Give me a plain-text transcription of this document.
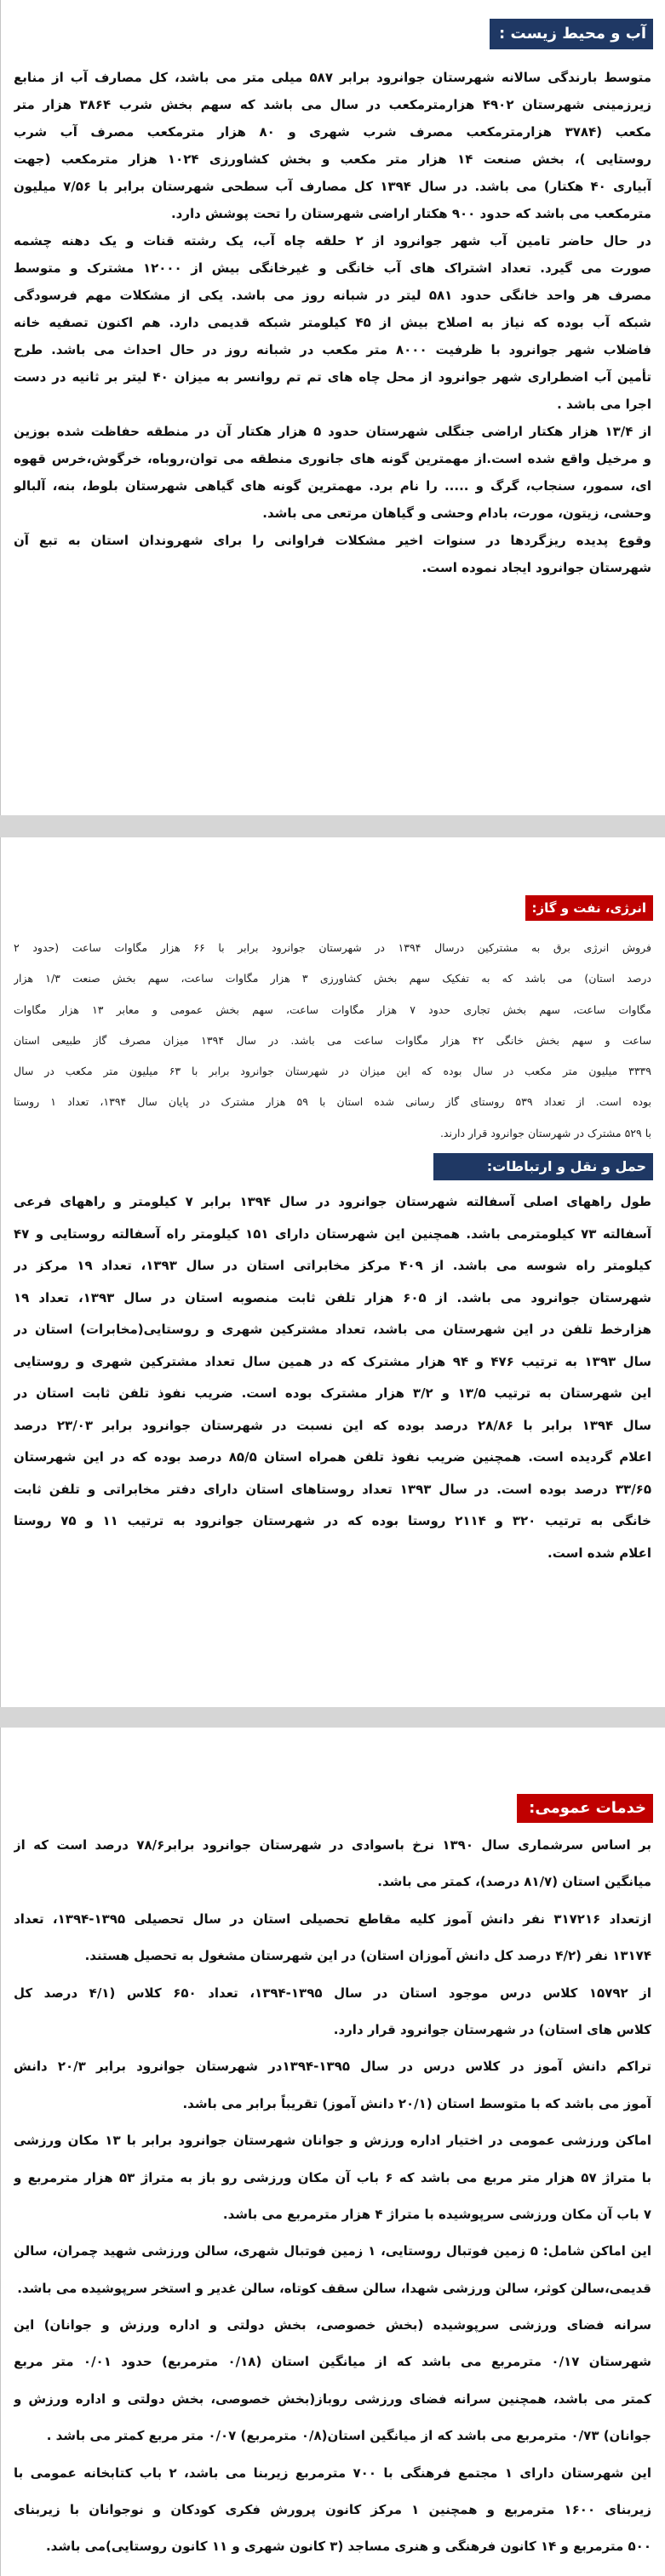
آب و محیط زیست :
متوسط بارندگی سالانه شهرستان جوانرود برابر ۵۸۷ میلی متر می باشد، کل مصارف آب از منابع
زیرزمینی شهرستان ۴۹۰۲ هزارمترمکعب در سال می باشد که سهم بخش شرب ۳۸۶۴ هزار متر
مکعب (۳۷۸۴ هزارمترمکعب مصرف شرب شهری و ۸۰ هزار مترمکعب مصرف آب شرب
روستایی )، بخش صنعت ۱۴ هزار متر مکعب و بخش کشاورزی ۱۰۲۴ هزار مترمکعب (جهت
آبیاری ۴۰ هکتار) می باشد. در سال ۱۳۹۴ کل مصارف آب سطحی شهرستان برابر با ۷/۵۶ میلیون
مترمکعب می باشد که حدود ۹۰۰ هکتار اراضی شهرستان را تحت پوشش دارد.
در حال حاضر تامین آب شهر جوانرود از ۲ حلقه چاه آب، یک رشته قنات و یک دهنه چشمه
صورت می گیرد. تعداد اشتراک های آب خانگی و غیرخانگی بیش از ۱۲۰۰۰ مشترک و متوسط
مصرف هر واحد خانگی حدود ۵۸۱ لیتر در شبانه روز می باشد. یکی از مشکلات مهم فرسودگی
شبکه آب بوده که نیاز به اصلاح بیش از ۴۵ کیلومتر شبکه قدیمی دارد. هم اکنون تصفیه خانه
فاضلاب شهر جوانرود با ظرفیت ۸۰۰۰ متر مکعب در شبانه روز در حال احداث می باشد. طرح
تأمین آب اضطراری شهر جوانرود از محل چاه های تم تم روانسر به میزان ۴۰ لیتر بر ثانیه در دست
اجرا می باشد .
از ۱۳/۴ هزار هکتار اراضی جنگلی شهرستان حدود ۵ هزار هکتار آن در منطقه حفاظت شده بوزین
و مرخیل واقع شده است.از مهمترین گونه های جانوری منطقه می توان،روباه، خرگوش،خرس قهوه
ای، سمور، سنجاب، گرگ و ..... را نام برد. مهمترین گونه های گیاهی شهرستان بلوط، بنه، آلبالو
وحشی، زیتون، مورت، بادام وحشی و گیاهان مرتعی می باشد.
وقوع پدیده ریزگردها در سنوات اخیر مشکلات فراوانی را برای شهروندان استان به تبع آن
شهرستان جوانرود ایجاد نموده است.
انرژی، نفت و گاز:
فروش انرژی برق به مشترکین درسال ۱۳۹۴ در شهرستان جوانرود برابر با ۶۶ هزار مگاوات ساعت (حدود ۲
درصد استان) می باشد که به تفکیک سهم بخش کشاورزی ۳ هزار مگاوات ساعت، سهم بخش صنعت ۱/۳ هزار
مگاوات ساعت، سهم بخش تجاری حدود ۷ هزار مگاوات ساعت، سهم بخش عمومی و معابر ۱۳ هزار مگاوات
ساعت و سهم بخش خانگی ۴۲ هزار مگاوات ساعت می باشد. در سال ۱۳۹۴ میزان مصرف گاز طبیعی استان
۳۳۳۹ میلیون متر مکعب در سال بوده که این میزان در شهرستان جوانرود برابر با ۶۳ میلیون متر مکعب در سال
بوده است. از تعداد ۵۳۹ روستای گاز رسانی شده استان با ۵۹ هزار مشترک در پایان سال ۱۳۹۴، تعداد ۱ روستا
با ۵۲۹ مشترک در شهرستان جوانرود قرار دارند.
حمل و نقل و ارتباطات:
طول راههای اصلی آسفالته شهرستان جوانرود در سال ۱۳۹۴ برابر ۷ کیلومتر و راههای فرعی
آسفالته ۷۳ کیلومترمی باشد. همچنین این شهرستان دارای ۱۵۱ کیلومتر راه آسفالته روستایی و ۴۷
کیلومتر راه شوسه می باشد. از ۴۰۹ مرکز مخابراتی استان در سال ۱۳۹۳، تعداد ۱۹ مرکز در
شهرستان جوانرود می باشد. از ۶۰۵ هزار تلفن ثابت منصوبه استان در سال ۱۳۹۳، تعداد ۱۹
هزارخط تلفن در این شهرستان می باشد، تعداد مشترکین شهری و روستایی(مخابرات) استان در
سال ۱۳۹۳ به ترتیب ۴۷۶ و ۹۴ هزار مشترک که در همین سال تعداد مشترکین شهری و روستایی
این شهرستان به ترتیب ۱۳/۵ و ۳/۲ هزار مشترک بوده است. ضریب نفوذ تلفن ثابت استان در
سال ۱۳۹۴ برابر با ۲۸/۸۶ درصد بوده که این نسبت در شهرستان جوانرود برابر ۲۳/۰۳ درصد
اعلام گردیده است. همچنین ضریب نفوذ تلفن همراه استان ۸۵/۵ درصد بوده که در این شهرستان
۳۳/۶۵ درصد بوده است. در سال ۱۳۹۳ تعداد روستاهای استان دارای دفتر مخابراتی و تلفن ثابت
خانگی به ترتیب ۳۲۰ و ۲۱۱۴ روستا بوده که در شهرستان جوانرود به ترتیب ۱۱ و ۷۵ روستا
اعلام شده است.
خدمات عمومی:
بر اساس سرشماری سال ۱۳۹۰ نرخ باسوادی در شهرستان جوانرود برابر۷۸/۶ درصد است که از
میانگین استان (۸۱/۷ درصد)، کمتر می باشد.
ازتعداد ۳۱۷۲۱۶ نفر دانش آموز کلیه مقاطع تحصیلی استان در سال تحصیلی ۱۳۹۵-۱۳۹۴، تعداد
۱۳۱۷۴ نفر (۴/۲ درصد کل دانش آموزان استان) در این شهرستان مشغول به تحصیل هستند.
از ۱۵۷۹۲ کلاس درس موجود استان در سال ۱۳۹۵-۱۳۹۴، تعداد ۶۵۰ کلاس (۴/۱ درصد کل
کلاس های استان) در شهرستان جوانرود قرار دارد.
تراکم دانش آموز در کلاس درس در سال ۱۳۹۵-۱۳۹۴در شهرستان جوانرود برابر ۲۰/۳ دانش
آموز می باشد که با متوسط استان (۲۰/۱ دانش آموز) تقریباً برابر می باشد.
اماکن ورزشی عمومی در اختیار اداره ورزش و جوانان شهرستان جوانرود برابر با ۱۳ مکان ورزشی
با متراژ ۵۷ هزار متر مربع می باشد که ۶ باب آن مکان ورزشی رو باز به متراژ ۵۳ هزار مترمربع و
۷ باب آن مکان ورزشی سرپوشیده با متراژ ۴ هزار مترمربع می باشد.
این اماکن شامل: ۵ زمین فوتبال روستایی، ۱ زمین فوتبال شهری، سالن ورزشی شهید چمران، سالن
قدیمی،سالن کوثر، سالن ورزشی شهدا، سالن سقف کوتاه، سالن غدیر و استخر سرپوشیده می باشد.
سرانه فضای ورزشی سرپوشیده (بخش خصوصی، بخش دولتی و اداره ورزش و جوانان) این
شهرستان ۰/۱۷ مترمربع می باشد که از میانگین استان (۰/۱۸ مترمربع) حدود ۰/۰۱ متر مربع
کمتر می باشد، همچنین سرانه فضای ورزشی روباز(بخش خصوصی، بخش دولتی و اداره ورزش و
جوانان) ۰/۷۳ مترمربع می باشد که از میانگین استان(۰/۸ مترمربع) ۰/۰۷ متر مربع کمتر می باشد .
این شهرستان دارای ۱ مجتمع فرهنگی با ۷۰۰ مترمربع زیربنا می باشد، ۲ باب کتابخانه عمومی با
زیربنای ۱۶۰۰ مترمربع و همچنین ۱ مرکز کانون پرورش فکری کودکان و نوجوانان با زیربنای
۵۰۰ مترمربع و ۱۴ کانون فرهنگی و هنری مساجد (۳ کانون شهری و ۱۱ کانون روستایی)می باشد.
